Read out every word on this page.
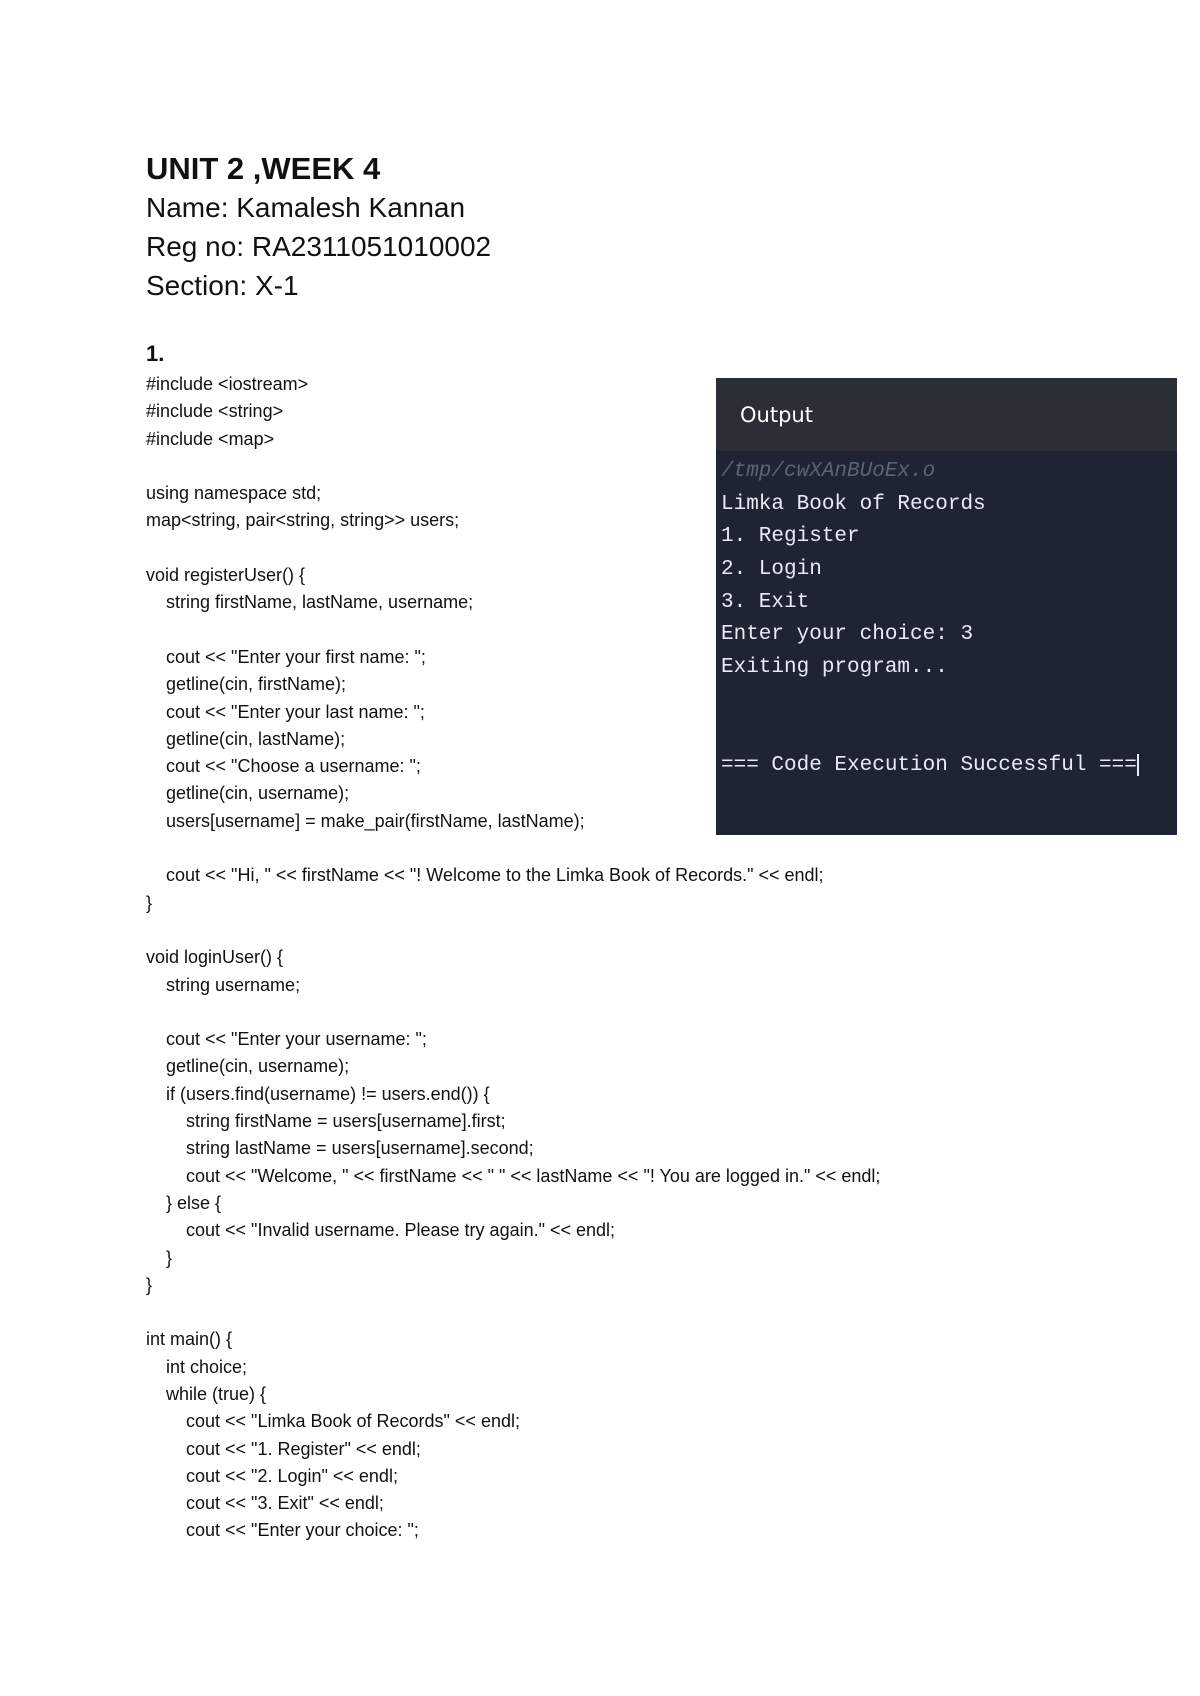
UNIT 2 ,WEEK 4

Name: Kamalesh Kannan

Reg no: RA2311051010002

Section: X-1

1.

#include <iostream>
#include <string>
#include <map>
using namespace std;
map<string, pair<string, string>> users;
void registerUser() {
string firstName, lastName, username;
cout << "Enter your first name: ";
getline(cin, firstName);
cout << "Enter your last name: ";
getline(cin, lastName);
cout << "Choose a username: ";
getline(cin, username);
users[username] = make_pair(firstName, lastName);
cout << "Hi, " << firstName << "! Welcome to the Limka Book of Records." << endl;
}
void loginUser() {
string username;
cout << "Enter your username: ";
getline(cin, username);
if (users.find(username) != users.end()) {
string firstName = users[username].first;
string lastName = users[username].second;
cout << "Welcome, " << firstName << " " << lastName << "! You are logged in." << endl;
} else {
cout << "Invalid username. Please try again." << endl;
}
}
int main() {
int choice;
while (true) {
cout << "Limka Book of Records" << endl;
cout << "1. Register" << endl;
cout << "2. Login" << endl;
cout << "3. Exit" << endl;
cout << "Enter your choice: ";
Output
/tmp/cwXAnBUoEx.o
Limka Book of Records
1. Register
2. Login
3. Exit
Enter your choice: 3
Exiting program...
=== Code Execution Successful ===
